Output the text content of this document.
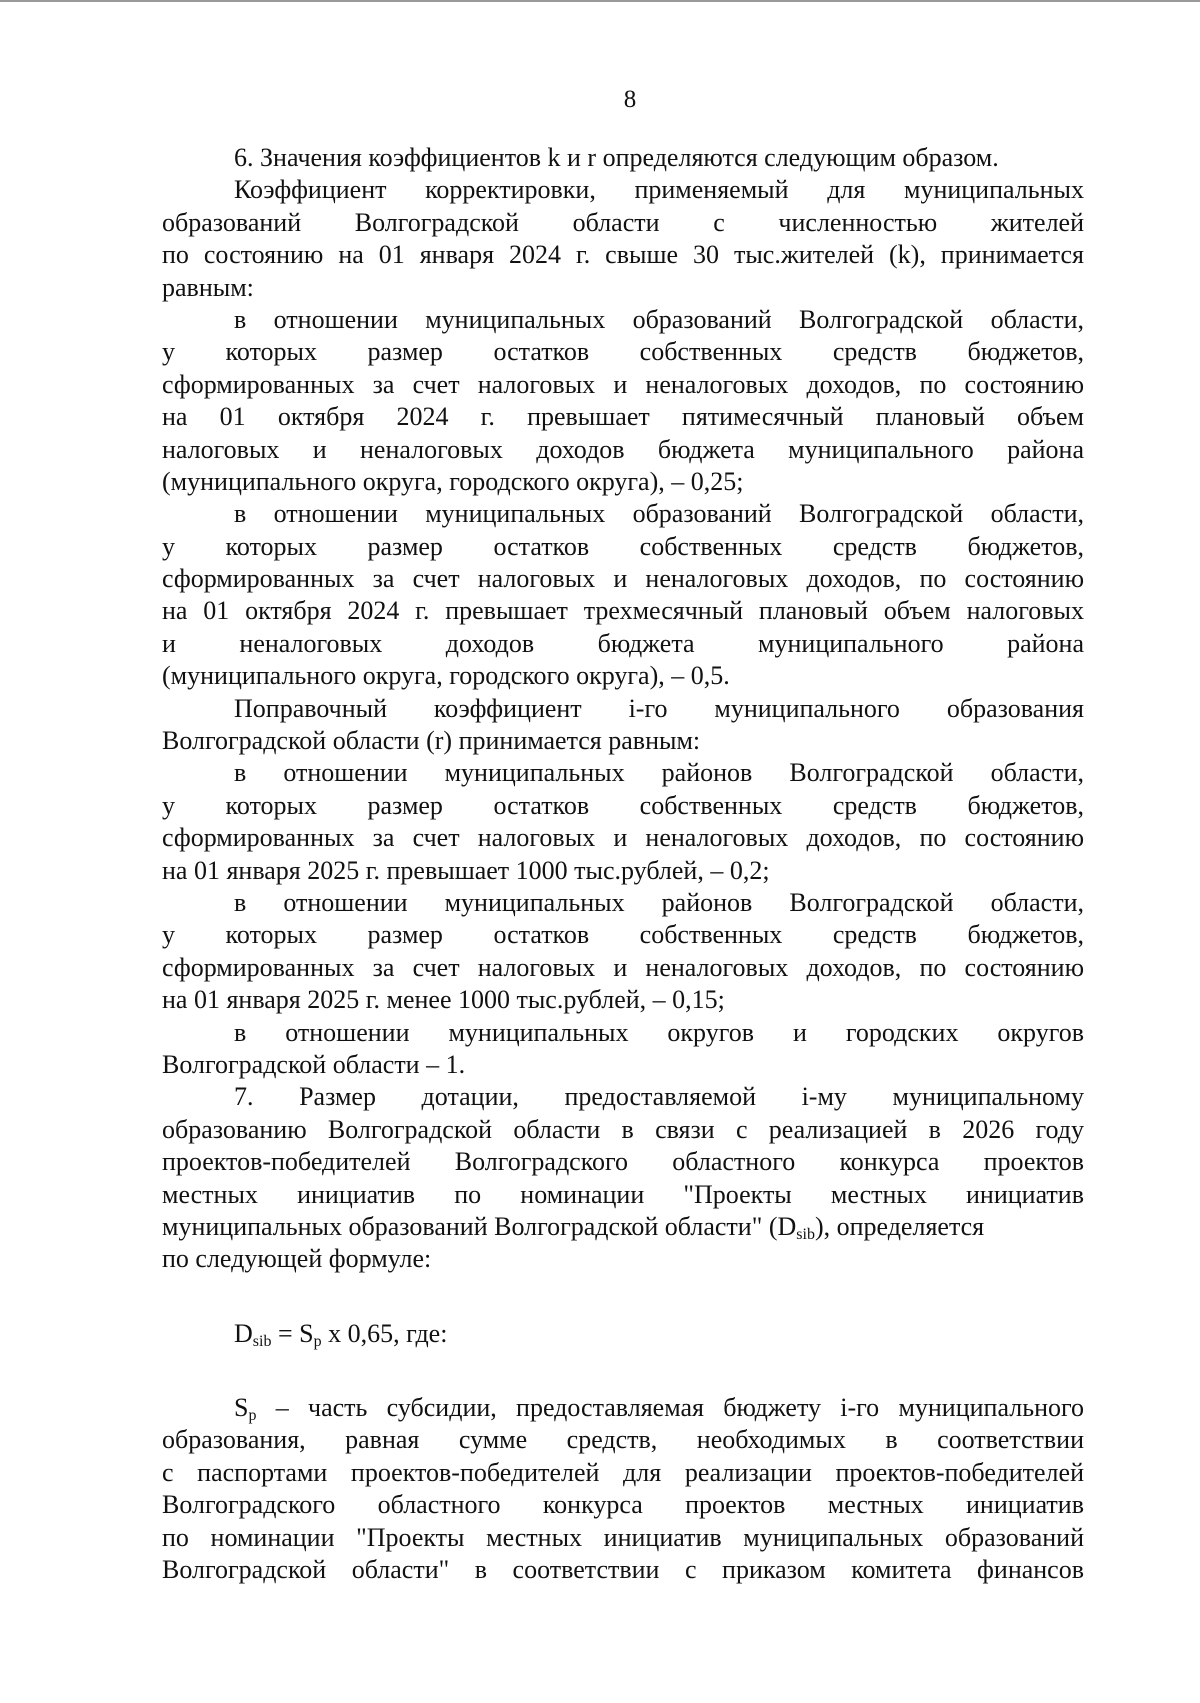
8
6. Значения коэффициентов k и r определяются следующим образом.
Коэффициент корректировки, применяемый для муниципальных
образований Волгоградской области с численностью жителей
по состоянию на 01 января 2024 г. свыше 30 тыс.жителей (k), принимается
равным:
в отношении муниципальных образований Волгоградской области,
у которых размер остатков собственных средств бюджетов,
сформированных за счет налоговых и неналоговых доходов, по состоянию
на 01 октября 2024 г. превышает пятимесячный плановый объем
налоговых и неналоговых доходов бюджета муниципального района
(муниципального округа, городского округа), – 0,25;
в отношении муниципальных образований Волгоградской области,
у которых размер остатков собственных средств бюджетов,
сформированных за счет налоговых и неналоговых доходов, по состоянию
на 01 октября 2024 г. превышает трехмесячный плановый объем налоговых
и неналоговых доходов бюджета муниципального района
(муниципального округа, городского округа), – 0,5.
Поправочный коэффициент i-го муниципального образования
Волгоградской области (r) принимается равным:
в отношении муниципальных районов Волгоградской области,
у которых размер остатков собственных средств бюджетов,
сформированных за счет налоговых и неналоговых доходов, по состоянию
на 01 января 2025 г. превышает 1000 тыс.рублей, – 0,2;
в отношении муниципальных районов Волгоградской области,
у которых размер остатков собственных средств бюджетов,
сформированных за счет налоговых и неналоговых доходов, по состоянию
на 01 января 2025 г. менее 1000 тыс.рублей, – 0,15;
в отношении муниципальных округов и городских округов
Волгоградской области – 1.
7. Размер дотации, предоставляемой i-му муниципальному
образованию Волгоградской области в связи с реализацией в 2026 году
проектов-победителей Волгоградского областного конкурса проектов
местных инициатив по номинации "Проекты местных инициатив
муниципальных образований Волгоградской области" $(D_{sib})$, определяется
по следующей формуле:
$D_{sib} = S_p$ x 0,65, где:
$S_p$ – часть субсидии, предоставляемая бюджету i-го муниципального
образования, равная сумме средств, необходимых в соответствии
с паспортами проектов-победителей для реализации проектов-победителей
Волгоградского областного конкурса проектов местных инициатив
по номинации "Проекты местных инициатив муниципальных образований
Волгоградской области" в соответствии с приказом комитета финансов
